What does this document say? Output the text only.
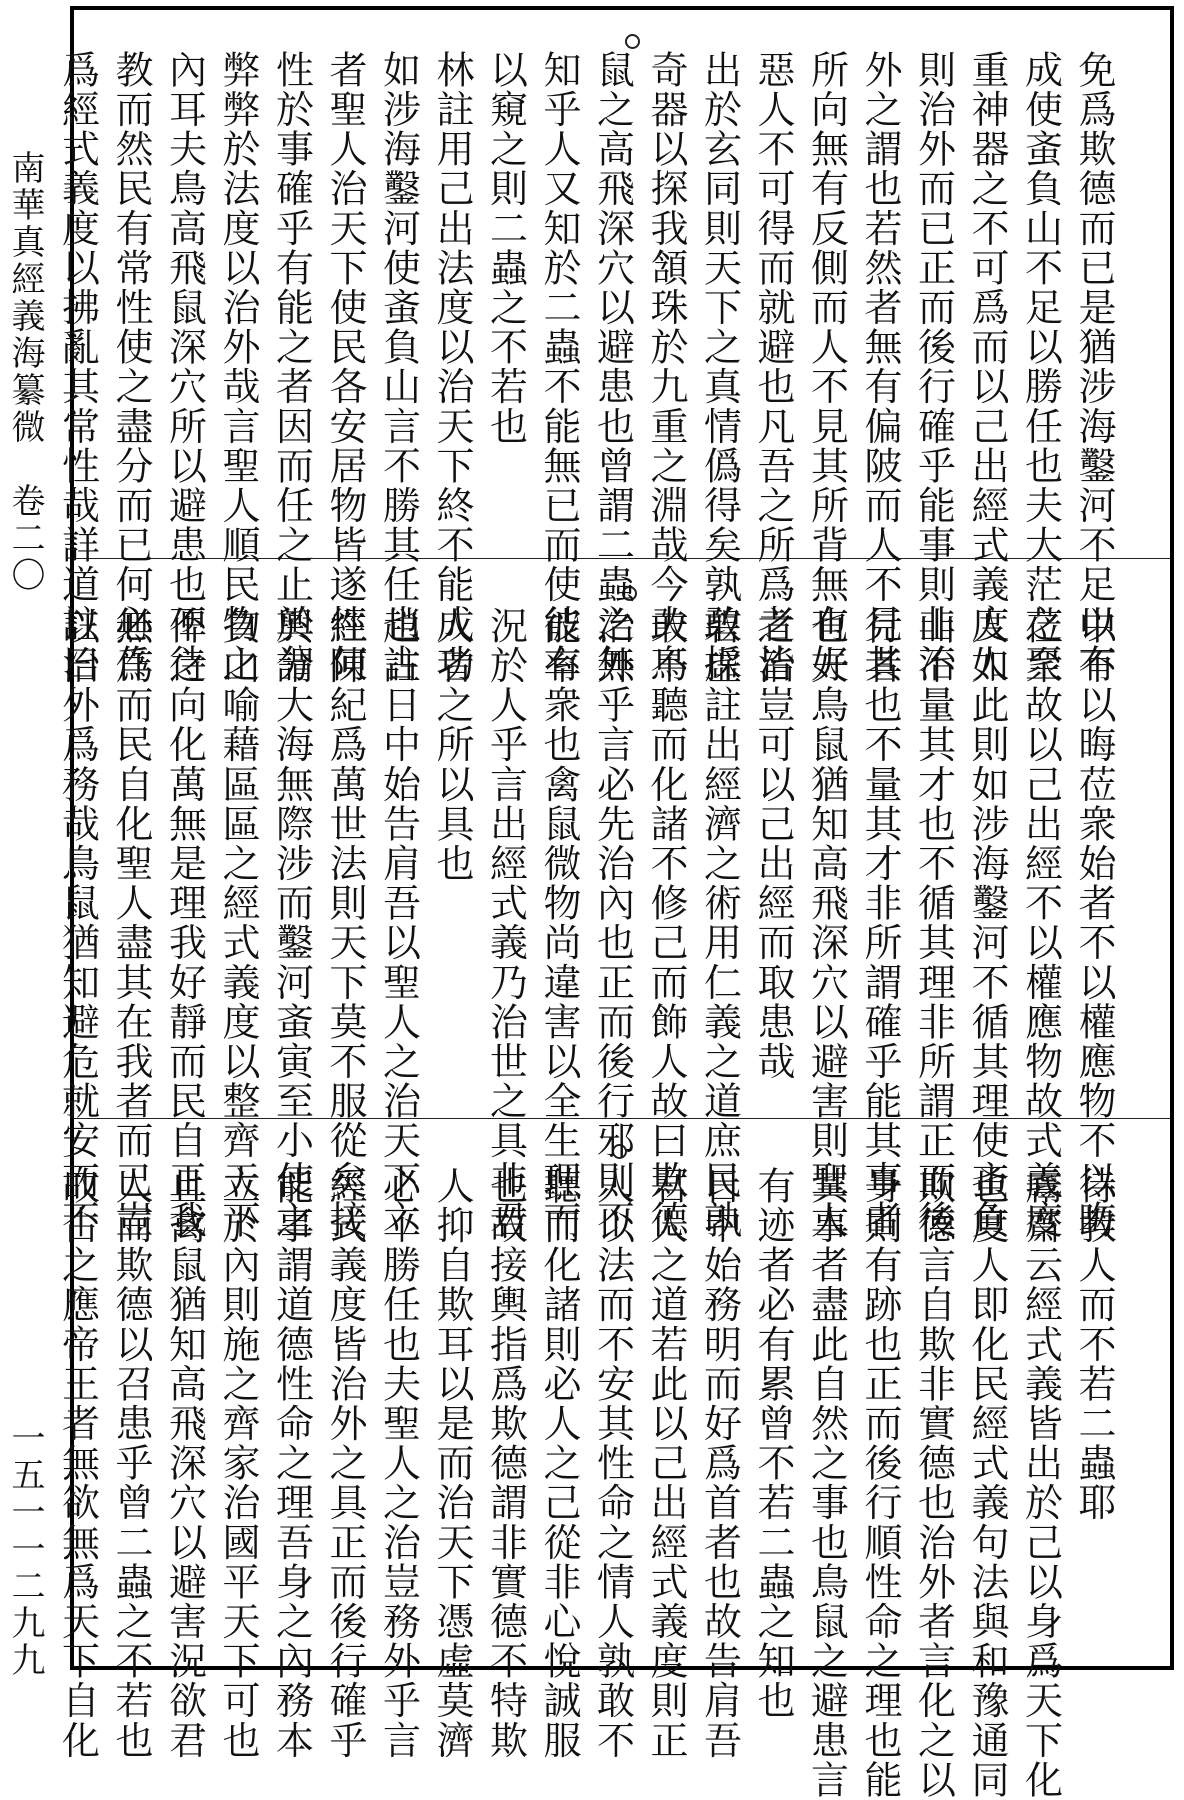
南華真經義海纂微　卷二〇
一五一一二九九
免爲欺德而已是猶涉海鑿河不足以有
成使蚉負山不足以勝任也夫大茫之至
重神器之不可爲而以己出經式義度人
則治外而已正而後行確乎能事則非治
外之謂也若然者無有偏陂而人不見其
所向無有反側而人不見其所背無有好
惡人不可得而就避也凡吾之所爲者皆
出於玄同則天下之真情僞得矣孰敢採
奇器以探我頷珠於九重之淵哉今夫鳥
鼠之高飛深穴以避患也曾謂二蟲之無
知乎人又知於二蟲不能無已而使彼有
以窺之則二蟲之不若也
林註用己出法度以治天下終不能成功
如涉海鑿河使蚉負山言不勝其任也古
者聖人治天下使民各安居物皆遂性何
性於事確乎有能之者因而任之止於分
弊弊於法度以治外哉言聖人順民物之
內耳夫鳥高飛鼠深穴所以避患也不待
教而然民有常性使之盡分而已何必作
爲經式義度以拂亂其常性哉詳道註曰
中不以晦莅衆始者不以權應物不以晦
莅衆故以己出經不以權應物故式義度
人如此則如涉海鑿河不循其理使蚉負
山不量其才也不循其理非所謂正而後
行者也不量其才非所謂確乎能其事者
也夫鳥鼠猶知高飛深穴以避害則聖人
之治豈可以己出經而取患哉
碧虛註出經濟之術用仁義之道庶民孰
敢不聽而化諸不修己而飾人故曰欺德
治外乎言必先治內也正而後行邪則不
能率衆也禽鼠微物尚違害以全生理而
況於人乎言出經式義乃治世之具非君
人者之所以具也
趙註日中始告肩吾以聖人之治天下立
經陳紀爲萬世法則天下莫不服從矣接
輿謂大海無際涉而鑿河蚉寅至小使之
負山喻藉區區之經式義度以整齊天下
俾之向化萬無是理我好靜而民自正我
無爲而民自化聖人盡其在我者而已豈
以治外爲務哉鳥鼠猶知避危就安而不
待教人而不若二蟲耶
鬳齋云經式義皆出於己以身爲天下化
也度人即化民經式義句法與和豫通同
欺德言自欺非實德也治外者言化之以
身則有跡也正而後行順性命之理也能
其事者盡此自然之事也鳥鼠之避患言
有迹者必有累曾不若二蟲之知也
日中始務明而好爲首者也故告肩吾
君人之道若此以己出經式義度則正
人以法而不安其性命之情人孰敢不
聽而化諸則必人之己從非心悅誠服
也故接輿指爲欺德謂非實德不特欺
人抑自欺耳以是而治天下憑虛莫濟
必不勝任也夫聖人之治豈務外乎言
經式義度皆治外之具正而後行確乎
能事謂道德性命之理吾身之內務本
立於內則施之齊家治國平天下可也
且禽鼠猶知高飛深穴以避害況欲君
人而欺德以召患乎曾二蟲之不若也
故古之應帝王者無欲無爲天下自化
